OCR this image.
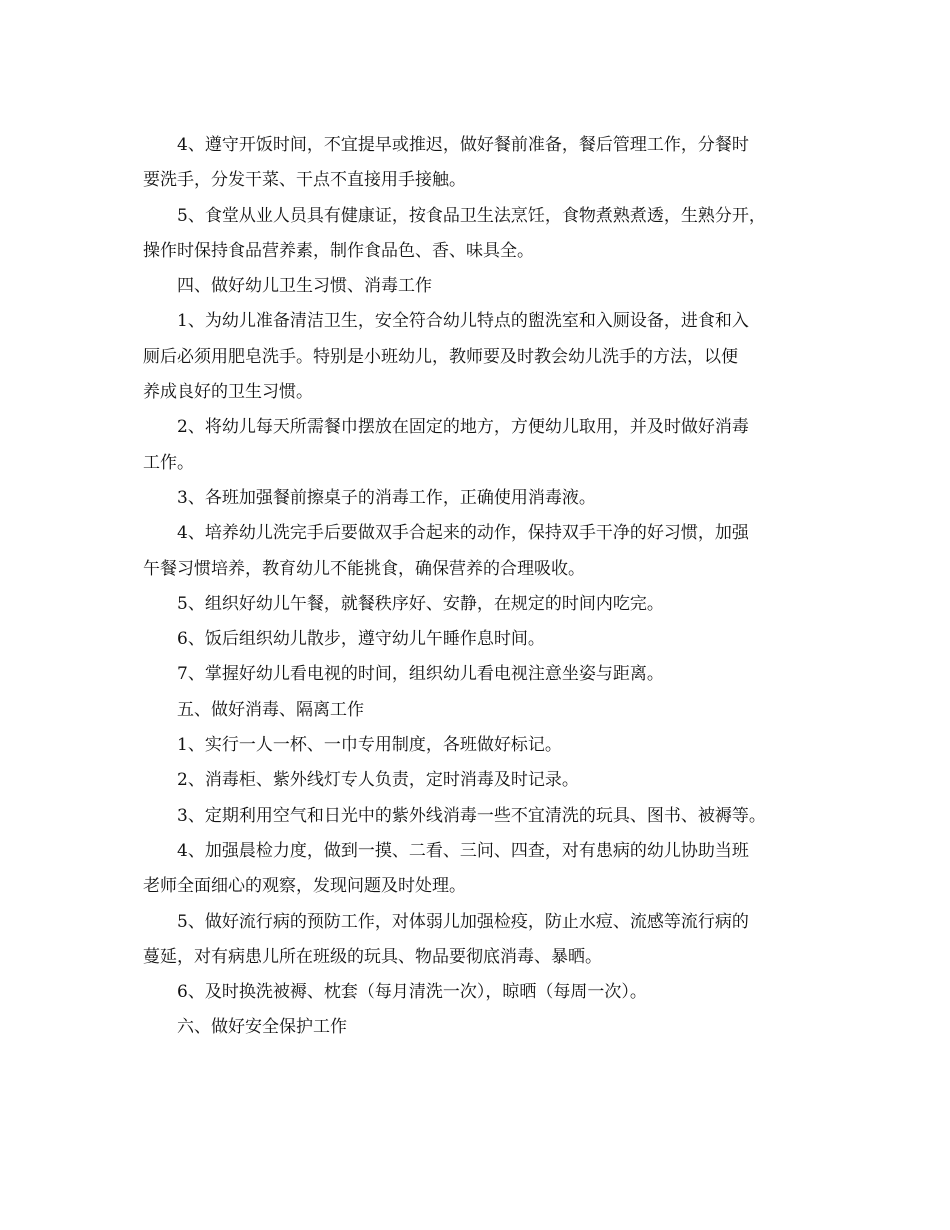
4、遵守开饭时间，不宜提早或推迟，做好餐前准备，餐后管理工作，分餐时

要洗手，分发干菜、干点不直接用手接触。

5、食堂从业人员具有健康证，按食品卫生法烹饪，食物煮熟煮透，生熟分开，

操作时保持食品营养素，制作食品色、香、味具全。

四、做好幼儿卫生习惯、消毒工作

1、为幼儿准备清洁卫生，安全符合幼儿特点的盥洗室和入厕设备，进食和入

厕后必须用肥皂洗手。特别是小班幼儿，教师要及时教会幼儿洗手的方法，以便

养成良好的卫生习惯。

2、将幼儿每天所需餐巾摆放在固定的地方，方便幼儿取用，并及时做好消毒

工作。

3、各班加强餐前擦桌子的消毒工作，正确使用消毒液。

4、培养幼儿洗完手后要做双手合起来的动作，保持双手干净的好习惯，加强

午餐习惯培养，教育幼儿不能挑食，确保营养的合理吸收。

5、组织好幼儿午餐，就餐秩序好、安静，在规定的时间内吃完。

6、饭后组织幼儿散步，遵守幼儿午睡作息时间。

7、掌握好幼儿看电视的时间，组织幼儿看电视注意坐姿与距离。

五、做好消毒、隔离工作

1、实行一人一杯、一巾专用制度，各班做好标记。

2、消毒柜、紫外线灯专人负责，定时消毒及时记录。

3、定期利用空气和日光中的紫外线消毒一些不宜清洗的玩具、图书、被褥等。

4、加强晨检力度，做到一摸、二看、三问、四查，对有患病的幼儿协助当班

老师全面细心的观察，发现问题及时处理。

5、做好流行病的预防工作，对体弱儿加强检疫，防止水痘、流感等流行病的

蔓延，对有病患儿所在班级的玩具、物品要彻底消毒、暴晒。

6、及时换洗被褥、枕套（每月清洗一次），晾晒（每周一次）。

六、做好安全保护工作
